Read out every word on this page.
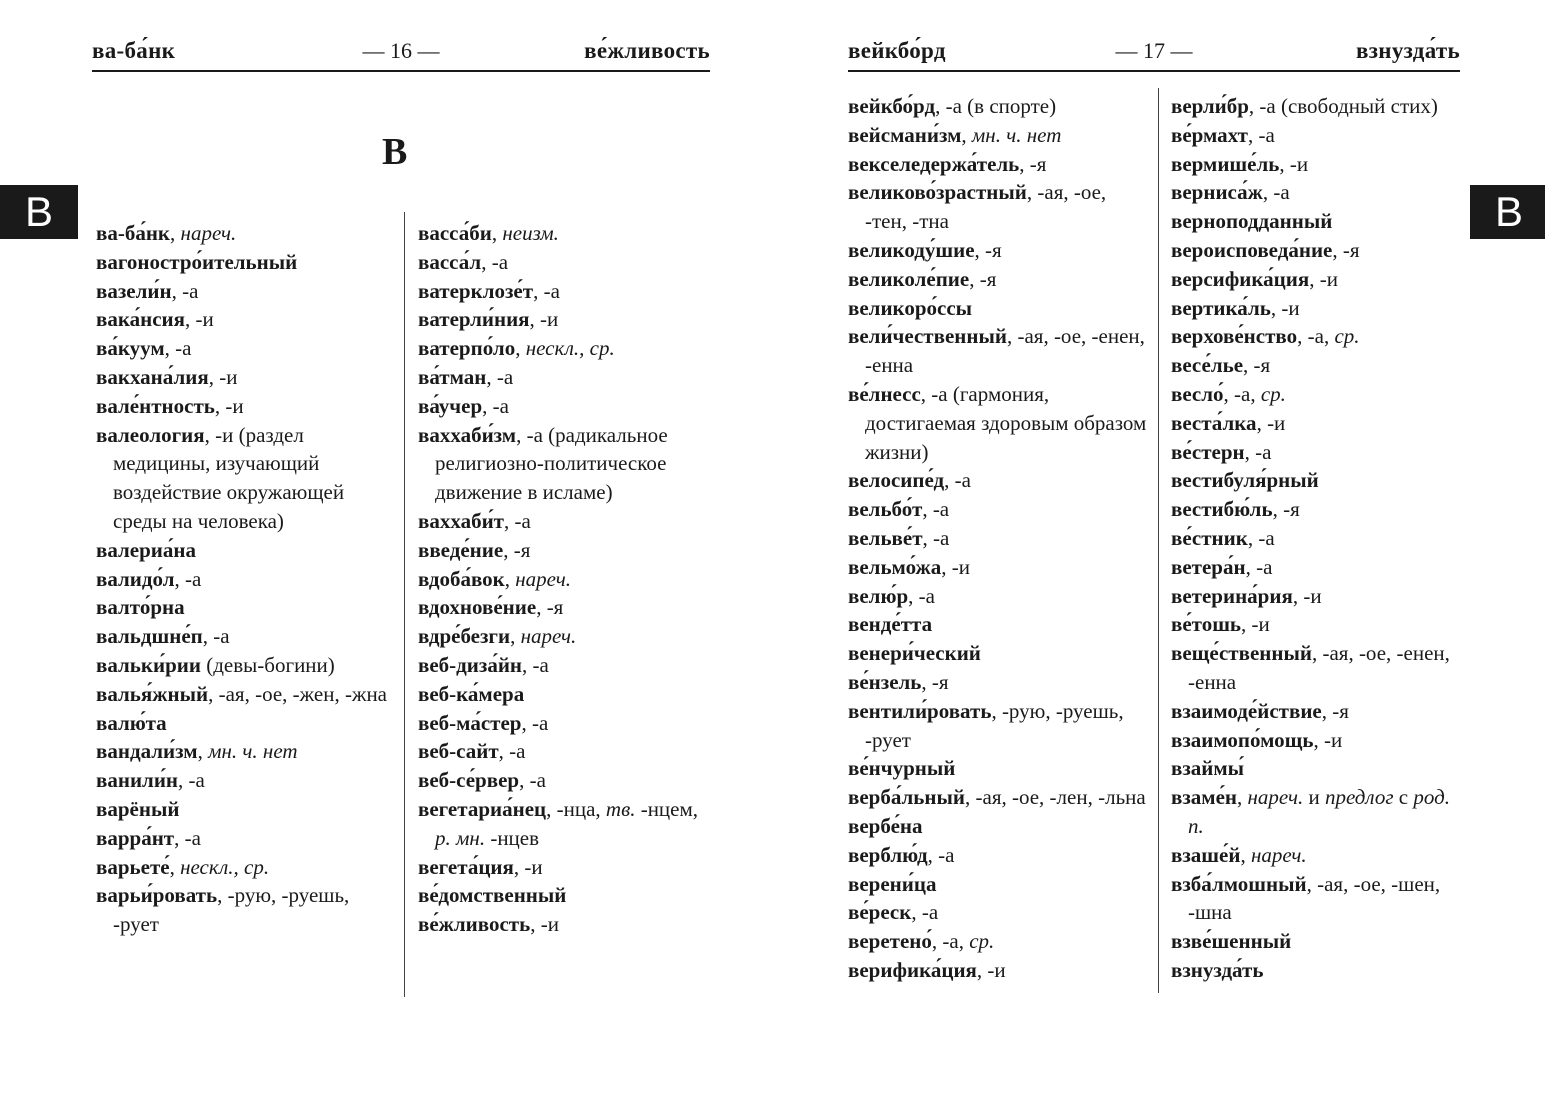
ва-ба́нк	— 16 —	ве́жливость
В
В
ва-ба́нк, нареч.
вагоностро́ительный
вазели́н, -а
вака́нсия, -и
ва́куум, -а
вакхана́лия, -и
вале́нтность, -и
валеология, -и (раздел медицины, изучающий воздействие окружающей среды на человека)
валериа́на
валидо́л, -а
валто́рна
вальдшне́п, -а
вальки́рии (девы-богини)
валья́жный, -ая, -ое, -жен, -жна
валю́та
вандали́зм, мн. ч. нет
ванили́н, -а
варёный
варра́нт, -а
варьете́, нескл., ср.
варьи́ровать, -рую, -руешь, -рует
васса́би, неизм.
васса́л, -а
ватерклозе́т, -а
ватерли́ния, -и
ватерпо́ло, нескл., ср.
ва́тман, -а
ва́учер, -а
ваххаби́зм, -а (радикальное религиозно-политическое движение в исламе)
ваххаби́т, -а
введе́ние, -я
вдоба́вок, нареч.
вдохнове́ние, -я
вдре́безги, нареч.
веб-диза́йн, -а
веб-ка́мера
веб-ма́стер, -а
веб-сайт, -а
веб-се́рвер, -а
вегетариа́нец, -нца, тв. -нцем, р. мн. -нцев
вегета́ция, -и
ве́домственный
ве́жливость, -и
вейкбо́рд	— 17 —	взнузда́ть
В
вейкбо́рд, -а (в спорте)
вейсмани́зм, мн. ч. нет
векселедержа́тель, -я
великово́зрастный, -ая, -ое, -тен, -тна
великоду́шие, -я
великоле́пие, -я
великоро́ссы
вели́чественный, -ая, -ое, -енен, -енна
ве́лнесс, -а (гармония, достигаемая здоровым образом жизни)
велосипе́д, -а
вельбо́т, -а
вельве́т, -а
вельмо́жа, -и
велю́р, -а
венде́тта
венери́ческий
ве́нзель, -я
вентили́ровать, -рую, -руешь, -рует
ве́нчурный
верба́льный, -ая, -ое, -лен, -льна
вербе́на
верблю́д, -а
верени́ца
ве́реск, -а
веретено́, -а, ср.
верифика́ция, -и
верли́бр, -а (свободный стих)
ве́рмахт, -а
вермише́ль, -и
верниса́ж, -а
верноподданный
вероисповеда́ние, -я
версифика́ция, -и
вертика́ль, -и
верхове́нство, -а, ср.
весе́лье, -я
весло́, -а, ср.
веста́лка, -и
ве́стерн, -а
вестибуля́рный
вестибю́ль, -я
ве́стник, -а
ветера́н, -а
ветерина́рия, -и
ве́тошь, -и
веще́ственный, -ая, -ое, -енен, -енна
взаимоде́йствие, -я
взаимопо́мощь, -и
взаймы́
взаме́н, нареч. и предлог с род. п.
взаше́й, нареч.
взба́лмошный, -ая, -ое, -шен, -шна
взве́шенный
взнузда́ть
